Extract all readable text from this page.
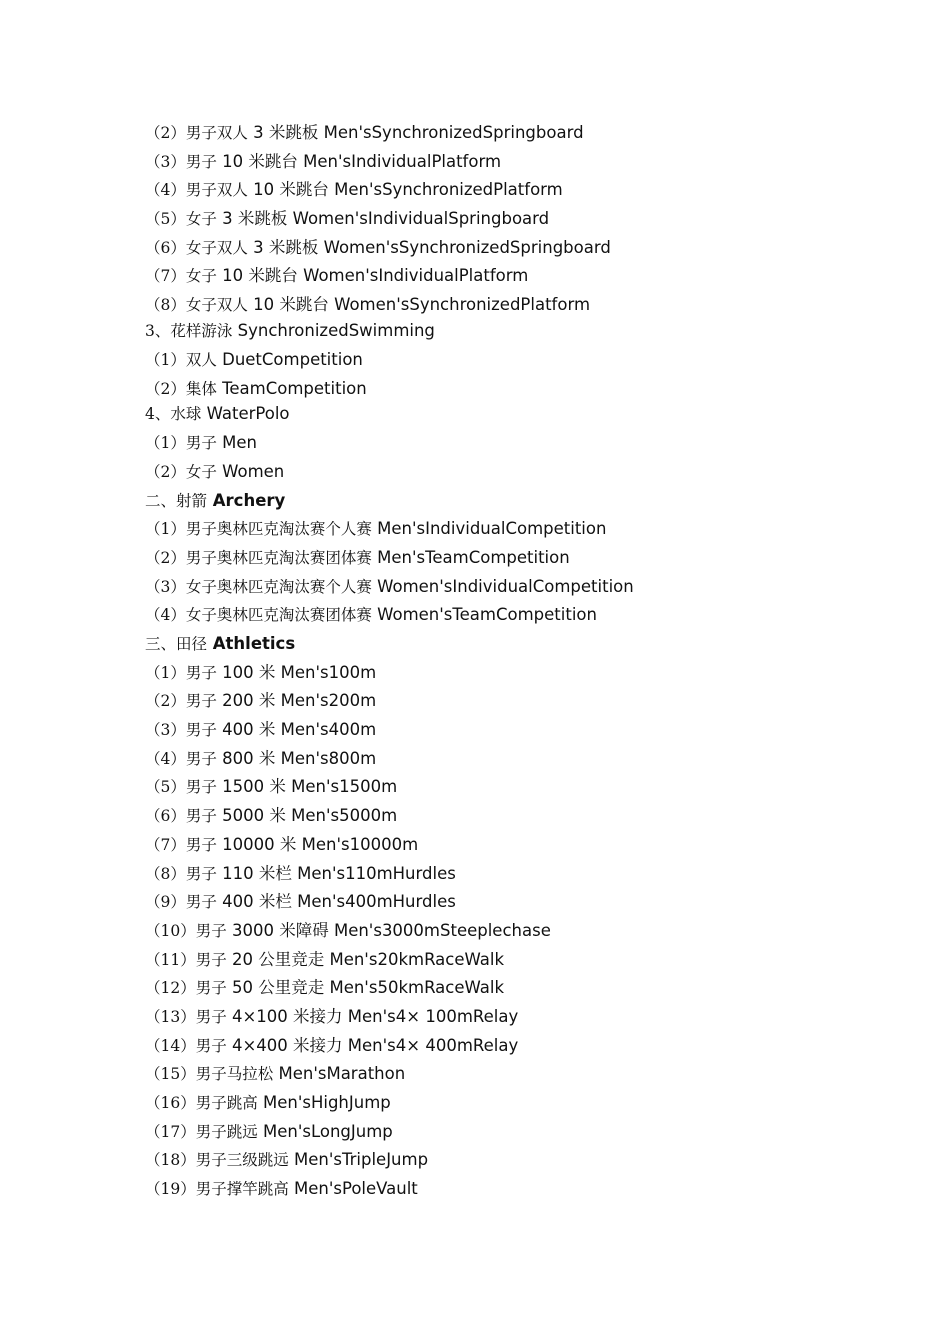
（2）男子双人 3 米跳板 Men'sSynchronizedSpringboard
（3）男子 10 米跳台 Men'sIndividualPlatform
（4）男子双人 10 米跳台 Men'sSynchronizedPlatform
（5）女子 3 米跳板 Women'sIndividualSpringboard
（6）女子双人 3 米跳板 Women'sSynchronizedSpringboard
（7）女子 10 米跳台 Women'sIndividualPlatform
（8）女子双人 10 米跳台 Women'sSynchronizedPlatform
3、花样游泳 SynchronizedSwimming
（1）双人 DuetCompetition
（2）集体 TeamCompetition
4、水球 WaterPolo
（1）男子 Men
（2）女子 Women
二、射箭 Archery
（1）男子奥林匹克淘汰赛个人赛 Men'sIndividualCompetition
（2）男子奥林匹克淘汰赛团体赛 Men'sTeamCompetition
（3）女子奥林匹克淘汰赛个人赛 Women'sIndividualCompetition
（4）女子奥林匹克淘汰赛团体赛 Women'sTeamCompetition
三、田径 Athletics
（1）男子 100 米 Men's100m
（2）男子 200 米 Men's200m
（3）男子 400 米 Men's400m
（4）男子 800 米 Men's800m
（5）男子 1500 米 Men's1500m
（6）男子 5000 米 Men's5000m
（7）男子 10000 米 Men's10000m
（8）男子 110 米栏 Men's110mHurdles
（9）男子 400 米栏 Men's400mHurdles
（10）男子 3000 米障碍 Men's3000mSteeplechase
（11）男子 20 公里竞走 Men's20kmRaceWalk
（12）男子 50 公里竞走 Men's50kmRaceWalk
（13）男子 4×100 米接力 Men's4× 100mRelay
（14）男子 4×400 米接力 Men's4× 400mRelay
（15）男子马拉松 Men'sMarathon
（16）男子跳高 Men'sHighJump
（17）男子跳远 Men'sLongJump
（18）男子三级跳远 Men'sTripleJump
（19）男子撑竿跳高 Men'sPoleVault
